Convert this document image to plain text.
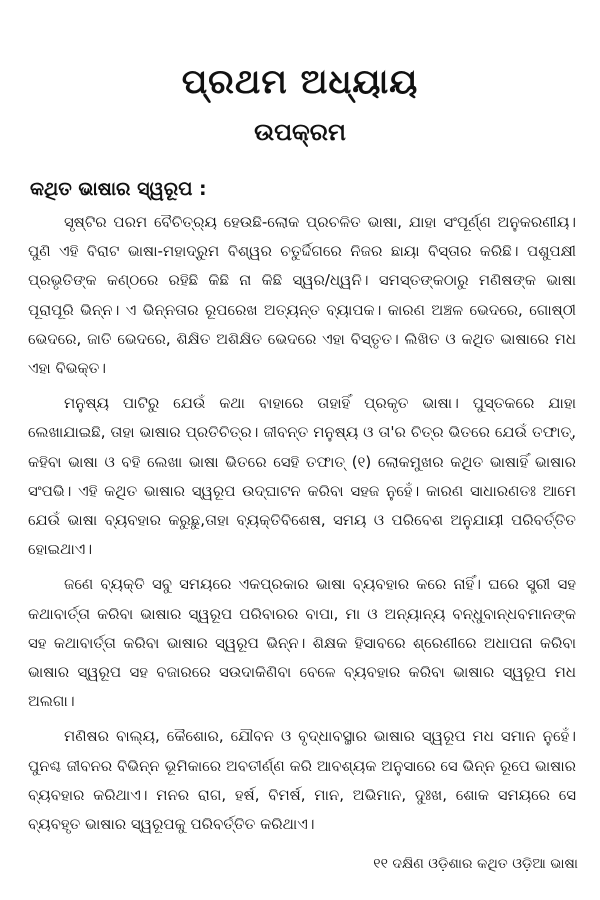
ପ୍ରଥମ ଅଧ୍ୟାୟ
ଉପକ୍ରମ
କଥିତ ଭାଷାର ସ୍ୱରୂପ :

ସୃଷ୍ଟିର ପରମ ବୈଚିତ୍ର୍ୟ ହେଉଛି-ଲୋକ ପ୍ରଚଳିତ ଭାଷା, ଯାହା ସଂପୂର୍ଣ୍ଣ ଅନୁକରଣୀୟ। ପୁଣି ଏହି ବିରାଟ ଭାଷା-ମହାଦ୍ରୁମ ବିଶ୍ୱର ଚତୁର୍ଦ୍ଦିଗରେ ନିଜର ଛାୟା ବିସ୍ତାର କରିଛି। ପଶୁପକ୍ଷୀ ପ୍ରଭୃତିଙ୍କ କଣ୍ଠରେ ରହିଛି କିଛି ନା କିଛି ସ୍ୱର/ଧ୍ୱନି। ସମସ୍ତଙ୍କଠାରୁ ମଣିଷଙ୍କ ଭାଷା ପୂରାପୂରି ଭିନ୍ନ। ଏ ଭିନ୍ନତାର ରୂପରେଖ ଅତ୍ୟନ୍ତ ବ୍ୟାପକ। କାରଣ ଅଞ୍ଚଳ ଭେଦରେ, ଗୋଷ୍ଠୀ ଭେଦରେ, ଜାତି ଭେଦରେ, ଶିକ୍ଷିତ ଅଶିକ୍ଷିତ ଭେଦରେ ଏହା ବିସ୍ତୃତ। ଲିଖିତ ଓ କଥିତ ଭାଷାରେ ମଧ ଏହା ବିଭକ୍ତ।

ମନୁଷ୍ୟ ପାଟିରୁ ଯେଉଁ କଥା ବାହାରେ ତାହାହିଁ ପ୍ରକୃତ ଭାଷା। ପୁସ୍ତକରେ ଯାହା ଲେଖାଯାଇଛି, ତାହା ଭାଷାର ପ୍ରତିଚିତ୍ର। ଜୀବନ୍ତ ମନୁଷ୍ୟ ଓ ତା'ର ଚିତ୍ର ଭିତରେ ଯେଉଁ ତଫାତ୍, କହିବା ଭାଷା ଓ ବହି ଲେଖା ଭାଷା ଭିତରେ ସେହି ତଫାତ୍ (୧) ଲୋକମୁଖର କଥିତ ଭାଷାହିଁ ଭାଷାର ସଂପଭି। ଏହି କଥିତ ଭାଷାର ସ୍ୱରୂପ ଉଦ୍‌ଘାଟନ କରିବା ସହଜ ନୁହେଁ। କାରଣ ସାଧାରଣତଃ ଆମେ ଯେଉଁ ଭାଷା ବ୍ୟବହାର କରୁଛୁ,ତାହା ବ୍ୟକ୍ତିବିଶେଷ, ସମୟ ଓ ପରିବେଶ ଅନୁଯାୟୀ ପରିବର୍ତ୍ତିତ ହୋଇଥାଏ।

ଜଣେ ବ୍ୟକ୍ତି ସବୁ ସମୟରେ ଏକପ୍ରକାର ଭାଷା ବ୍ୟବହାର କରେ ନାହିଁ। ଘରେ ସ୍ତ୍ରୀ ସହ କଥାବାର୍ତ୍ତା କରିବା ଭାଷାର ସ୍ୱରୂପ ପରିବାରର ବାପା, ମା ଓ ଅନ୍ୟାନ୍ୟ ବନ୍ଧୁବାନ୍ଧବମାନଙ୍କ ସହ କଥାବାର୍ତ୍ତା କରିବା ଭାଷାର ସ୍ୱରୂପ ଭିନ୍ନ। ଶିକ୍ଷକ ହିସାବରେ ଶ୍ରେଣୀରେ ଅଧାପନା କରିବା ଭାଷାର ସ୍ୱରୂପ ସହ ବଜାରରେ ସଉଦାକିଣିବା ବେଳେ ବ୍ୟବହାର କରିବା ଭାଷାର ସ୍ୱରୂପ ମଧ ଅଲଗା।

ମଣିଷର ବାଲ୍ୟ, କୈଶୋର, ଯୌବନ ଓ ବୃଦ୍ଧାବସ୍ଥାର ଭାଷାର ସ୍ୱରୂପ ମଧ ସମାନ ନୁହେଁ। ପୁନଶ୍ଚ ଜୀବନର ବିଭିନ୍ନ ଭୂମିକାରେ ଅବତୀର୍ଣ୍ଣ କରି ଆବଶ୍ୟକ ଅନୁସାରେ ସେ ଭିନ୍ନ ରୂପେ ଭାଷାର ବ୍ୟବହାର କରିଥାଏ। ମନର ରାଗ, ହର୍ଷ, ବିମର୍ଷ, ମାନ, ଅଭିମାନ, ଦୁଃଖ, ଶୋକ ସମୟରେ ସେ ବ୍ୟବହୃତ ଭାଷାର ସ୍ୱରୂପକୁ ପରିବର୍ତ୍ତିତ କରିଥାଏ।

୧୧ ଦକ୍ଷିଣ ଓଡ଼ିଶାର କଥିତ ଓଡ଼ିଆ ଭାଷା
